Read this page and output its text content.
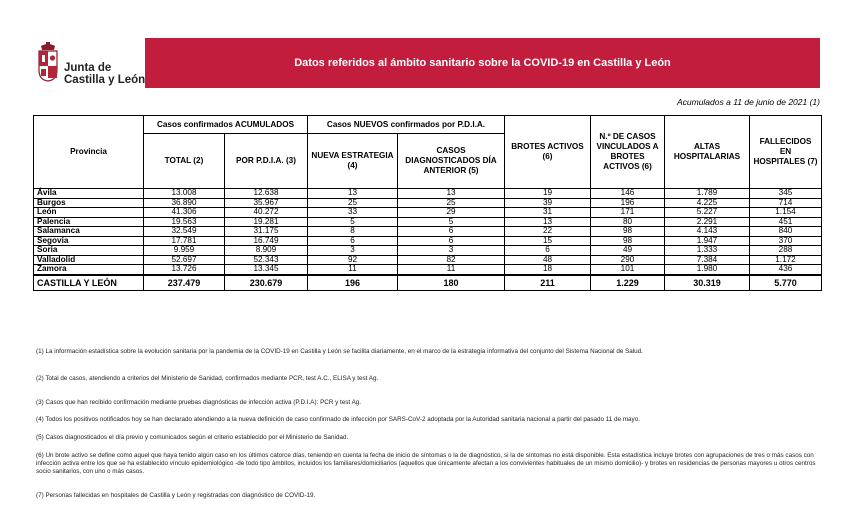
Junta de
Castilla y León
Datos referidos al ámbito sanitario sobre la COVID-19 en Castilla y León
Acumulados a 11 de junio de 2021 (1)
Provincia	Casos confirmados ACUMULADOS		Casos NUEVOS confirmados por P.D.I.A.		BROTES ACTIVOS (6)	N.º DE CASOS VINCULADOS A BROTES ACTIVOS (6)	ALTAS HOSPITALARIAS	FALLECIDOS EN HOSPITALES (7)
	TOTAL (2)	POR P.D.I.A. (3)	NUEVA ESTRATEGIA (4)	CASOS DIAGNOSTICADOS DÍA ANTERIOR (5)				
Ávila	13.008	12.638	13	13	19	146	1.789	345
Burgos	36.890	35.967	25	25	39	196	4.225	714
León	41.306	40.272	33	29	31	171	5.227	1.154
Palencia	19.563	19.281	5	5	13	80	2.291	451
Salamanca	32.549	31.175	8	6	22	98	4.143	840
Segovia	17.781	16.749	6	6	15	98	1.947	370
Soria	9.959	8.909	3	3	6	49	1.333	288
Valladolid	52.697	52.343	92	82	48	290	7.384	1.172
Zamora	13.726	13.345	11	11	18	101	1.980	436
CASTILLA Y LEÓN	237.479	230.679	196	180	211	1.229	30.319	5.770

(1) La información estadística sobre la evolución sanitaria por la pandemia de la COVID-19 en Castilla y León se facilita diariamente, en el marco de la estrategia informativa del conjunto del Sistema Nacional de Salud.

(2) Total de casos, atendiendo a criterios del Ministerio de Sanidad, confirmados mediante PCR, test A.C., ELISA y test Ag.

(3) Casos que han recibido confirmación mediante pruebas diagnósticas de infección activa (P.D.I.A): PCR y test Ag.

(4) Todos los positivos notificados hoy se han declarado atendiendo a la nueva definición de caso confirmado de infección por SARS-CoV-2 adoptada por la Autoridad sanitaria nacional a partir del pasado 11 de mayo.

(5) Casos diagnosticados el día previo y comunicados según el criterio establecido por el Ministerio de Sanidad.

(6) Un brote activo se define como aquel que haya tenido algún caso en los últimos catorce días, teniendo en cuenta la fecha de inicio de síntomas o la de diagnóstico, si la de síntomas no está disponible. Esta estadística incluye brotes con agrupaciones de tres o más casos con infección activa entre los que se ha establecido vínculo epidemiológico -de todo tipo ámbitos, incluidos los familiares/domiciliarios (aquellos que únicamente afectan a los convivientes habituales de un mismo domicilio)- y brotes en residencias de personas mayores u otros centros socio sanitarios, con uno o más casos.

(7) Personas fallecidas en hospitales de Castilla y León y registradas con diagnóstico de COVID-19.
